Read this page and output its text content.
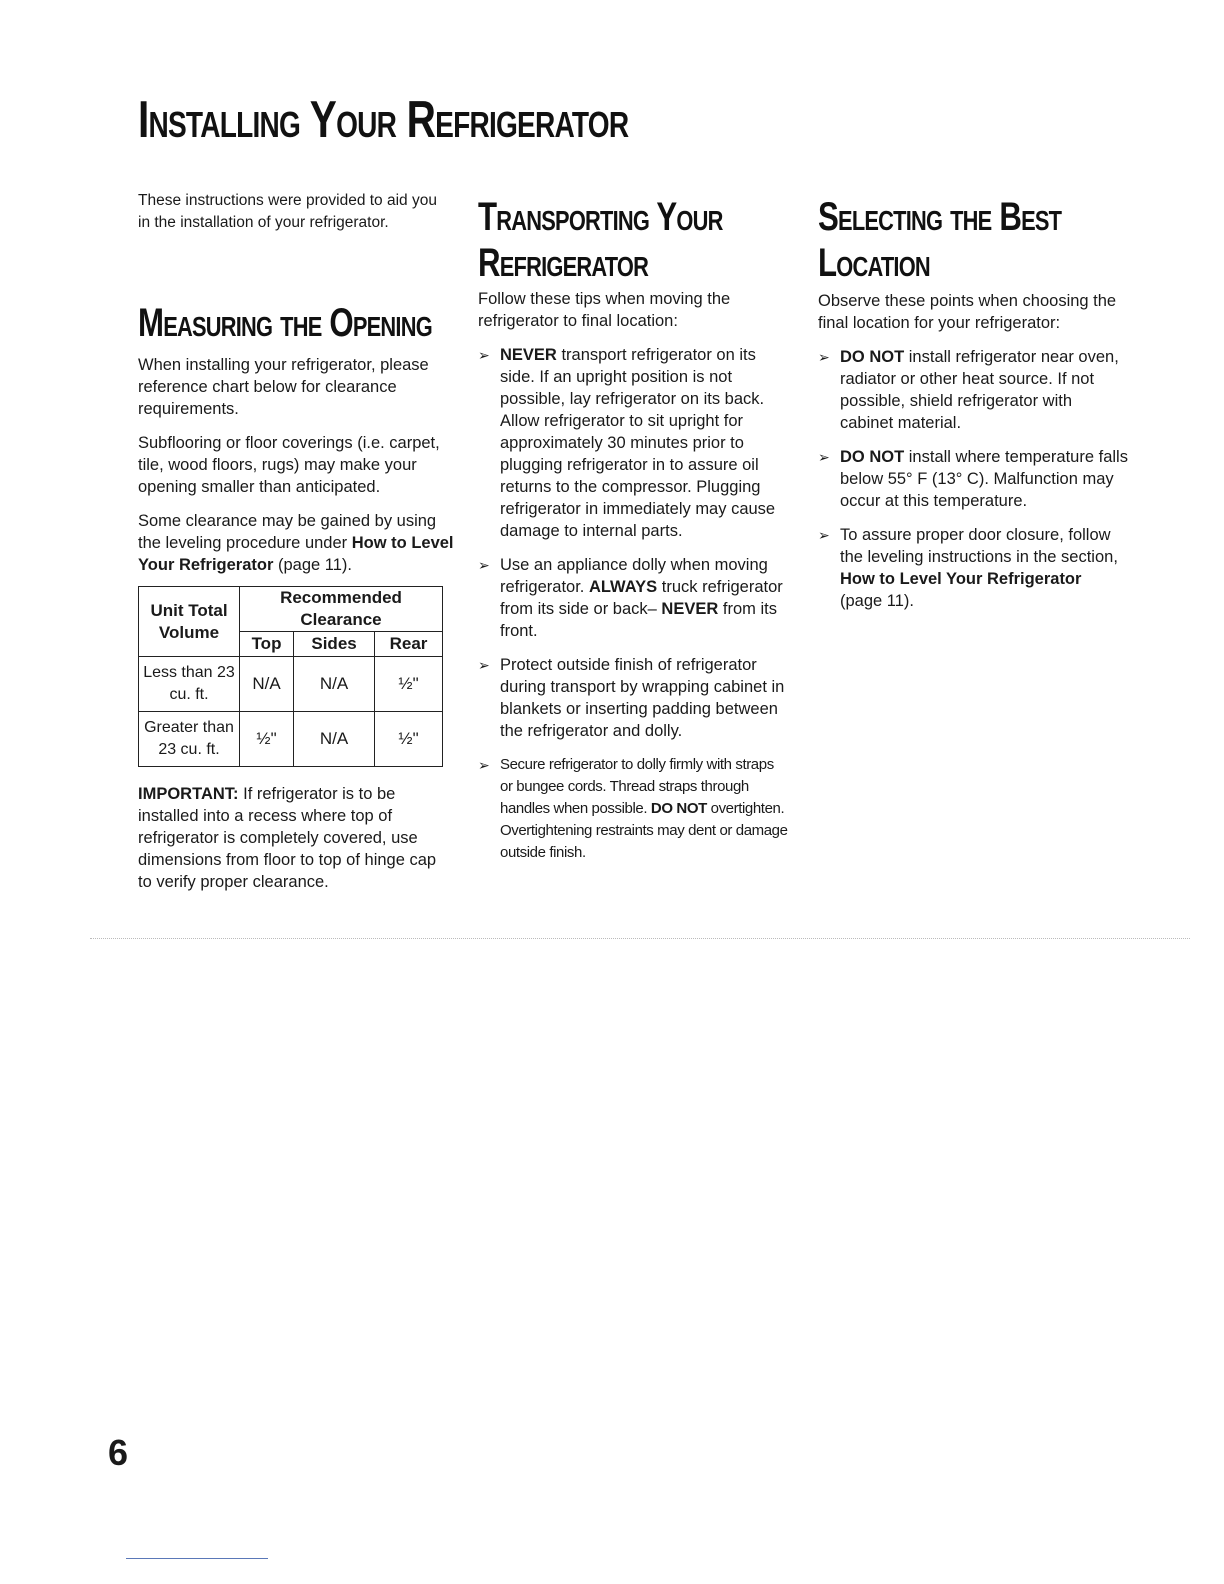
Installing Your Refrigerator

These instructions were provided to aid you in the installation of your refrigerator.

Measuring the Opening

When installing your refrigerator, please reference chart below for clearance requirements.

Subflooring or floor coverings (i.e. carpet, tile, wood floors, rugs) may make your opening smaller than anticipated.

Some clearance may be gained by using the leveling procedure under How to Level Your Refrigerator (page 11).

Unit Total Volume	Recommended Clearance		
	Top	Sides	Rear
Less than 23 cu. ft.	N/A	N/A	½"
Greater than 23 cu. ft.	½"	N/A	½"

IMPORTANT: If refrigerator is to be installed into a recess where top of refrigerator is completely covered, use dimensions from floor to top of hinge cap to verify proper clearance.

Transporting Your Refrigerator

Follow these tips when moving the refrigerator to final location:

➢ NEVER transport refrigerator on its side. If an upright position is not possible, lay refrigerator on its back. Allow refrigerator to sit upright for approximately 30 minutes prior to plugging refrigerator in to assure oil returns to the compressor. Plugging refrigerator in immediately may cause damage to internal parts.
➢ Use an appliance dolly when moving refrigerator. ALWAYS truck refrigerator from its side or back– NEVER from its front.
➢ Protect outside finish of refrigerator during transport by wrapping cabinet in blankets or inserting padding between the refrigerator and dolly.
➢ Secure refrigerator to dolly firmly with straps or bungee cords. Thread straps through handles when possible. DO NOT overtighten. Overtightening restraints may dent or damage outside finish.
Selecting the Best Location

Observe these points when choosing the final location for your refrigerator:

➢ DO NOT install refrigerator near oven, radiator or other heat source. If not possible, shield refrigerator with cabinet material.
➢ DO NOT install where temperature falls below 55° F (13° C). Malfunction may occur at this temperature.
➢ To assure proper door closure, follow the leveling instructions in the section, How to Level Your Refrigerator (page 11).
6
